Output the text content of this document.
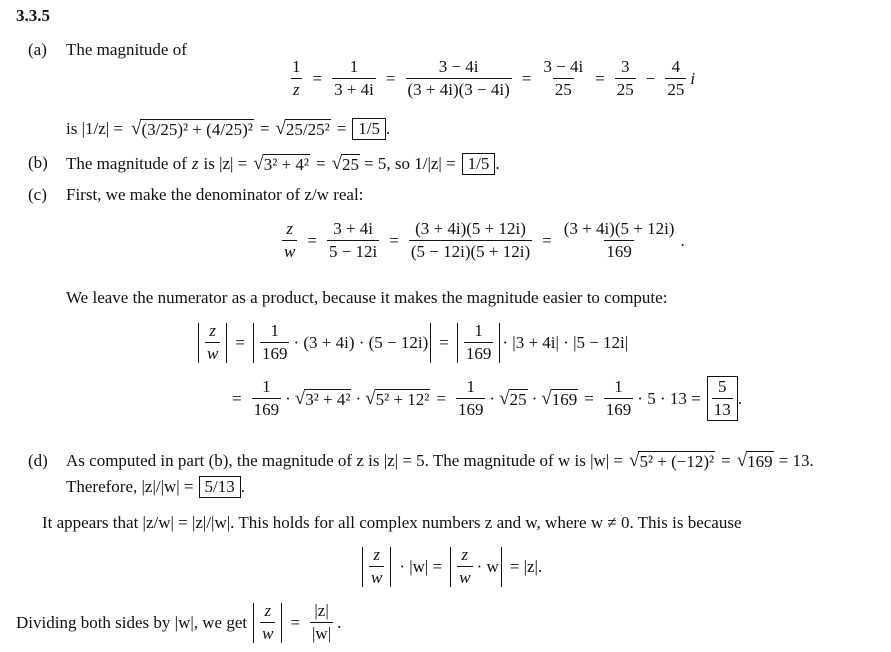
3.3.5
(a) The magnitude of
$\frac{1}{z} = \frac{1}{3 + 4i} = \frac{3 - 4i}{(3 + 4i)(3 - 4i)} = \frac{3 - 4i}{25} = \frac{3}{25} - \frac{4}{25}$ i
is |1/z| = √ (3/25)² + (4/25)² = √ 25/25² = 1/5 .
(b) The magnitude of z is |z| = √ 3² + 4² = √ 25 = 5, so 1/|z| = 1/5 .
(c) First, we make the denominator of z/w real:
$\frac{z}{w} = \frac{3 + 4i}{5 - 12i} = \frac{(3 + 4i)(5 + 12i)}{(5 - 12i)(5 + 12i)} = \frac{(3 + 4i)(5 + 12i)}{169}$ .
We leave the numerator as a product, because it makes the magnitude easier to compute:
$\frac{z}{w} = \frac{1}{169} \cdot (3 + 4i) \cdot (5 - 12i) = \frac{1}{169} \cdot |3 + 4i| \cdot |5 - 12i|$
= $\frac{1}{169}$ · √ 3² + 4² · √ $5^2 + 12^2 = \frac{1}{169}$ · √ 25 · √ $169 = \frac{1}{169} \cdot 5 \cdot 13 = \frac{5}{13}$ .
(d) As computed in part (b), the magnitude of z is |z| = 5. The magnitude of w is |w| = √ 5² + (−12)² = √ 169 = 13.
Therefore, |z|/|w| = 5/13 .
It appears that |z/w| = |z|/|w|. This holds for all complex numbers z and w, where w ≠ 0. This is because
$\frac{z}{w} \cdot |w| = \frac{z}{w} \cdot w = |z|$.
Dividing both sides by |w|, we get $\frac{z}{w} = \frac{|z|}{|w|}$ .
